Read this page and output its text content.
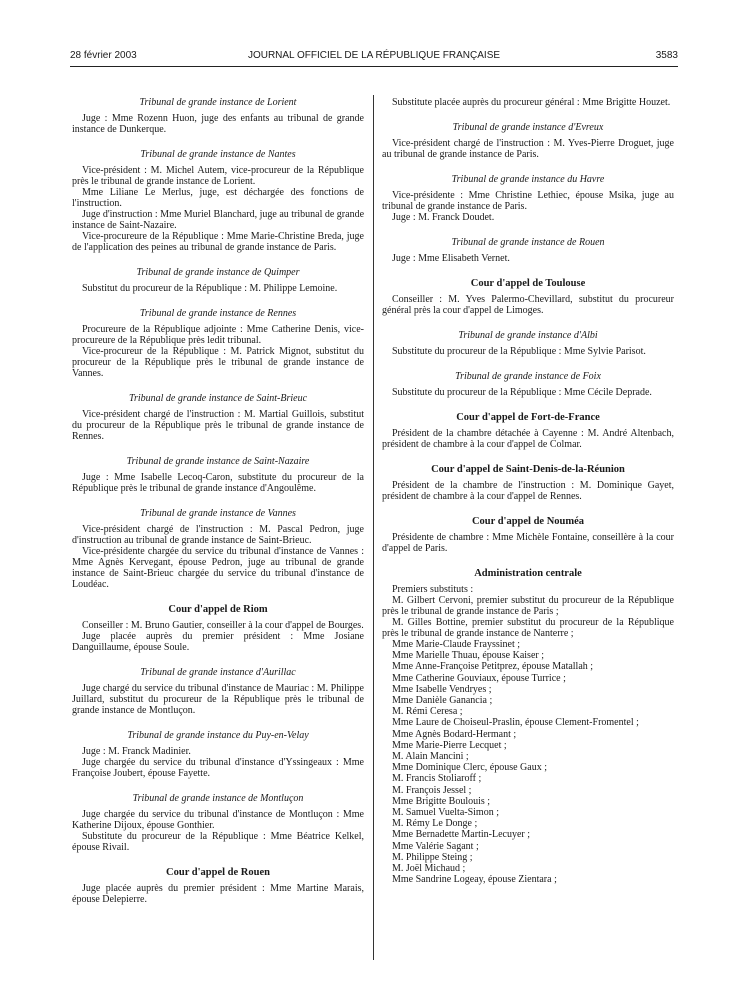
28 février 2003	JOURNAL OFFICIEL DE LA RÉPUBLIQUE FRANÇAISE	3583

Tribunal de grande instance de Lorient

Juge : Mme Rozenn Huon, juge des enfants au tribunal de grande instance de Dunkerque.

Tribunal de grande instance de Nantes

Vice-président : M. Michel Autem, vice-procureur de la République près le tribunal de grande instance de Lorient.

Mme Liliane Le Merlus, juge, est déchargée des fonctions de l'instruction.

Juge d'instruction : Mme Muriel Blanchard, juge au tribunal de grande instance de Saint-Nazaire.

Vice-procureure de la République : Mme Marie-Christine Breda, juge de l'application des peines au tribunal de grande instance de Paris.

Tribunal de grande instance de Quimper

Substitut du procureur de la République : M. Philippe Lemoine.

Tribunal de grande instance de Rennes

Procureure de la République adjointe : Mme Catherine Denis, vice-procureure de la République près ledit tribunal.

Vice-procureur de la République : M. Patrick Mignot, substitut du procureur de la République près le tribunal de grande instance de Vannes.

Tribunal de grande instance de Saint-Brieuc

Vice-président chargé de l'instruction : M. Martial Guillois, substitut du procureur de la République près le tribunal de grande instance de Rennes.

Tribunal de grande instance de Saint-Nazaire

Juge : Mme Isabelle Lecoq-Caron, substitute du procureur de la République près le tribunal de grande instance d'Angoulême.

Tribunal de grande instance de Vannes

Vice-président chargé de l'instruction : M. Pascal Pedron, juge d'instruction au tribunal de grande instance de Saint-Brieuc.

Vice-présidente chargée du service du tribunal d'instance de Vannes : Mme Agnès Kervegant, épouse Pedron, juge au tribunal de grande instance de Saint-Brieuc chargée du service du tribunal d'instance de Loudéac.

Cour d'appel de Riom

Conseiller : M. Bruno Gautier, conseiller à la cour d'appel de Bourges.

Juge placée auprès du premier président : Mme Josiane Danguillaume, épouse Soule.

Tribunal de grande instance d'Aurillac

Juge chargé du service du tribunal d'instance de Mauriac : M. Philippe Juillard, substitut du procureur de la République près le tribunal de grande instance de Montluçon.

Tribunal de grande instance du Puy-en-Velay

Juge : M. Franck Madinier.

Juge chargée du service du tribunal d'instance d'Yssingeaux : Mme Françoise Joubert, épouse Fayette.

Tribunal de grande instance de Montluçon

Juge chargée du service du tribunal d'instance de Montluçon : Mme Katherine Dijoux, épouse Gonthier.

Substitute du procureur de la République : Mme Béatrice Kelkel, épouse Rivail.

Cour d'appel de Rouen

Juge placée auprès du premier président : Mme Martine Marais, épouse Delepierre.

Substitute placée auprès du procureur général : Mme Brigitte Houzet.

Tribunal de grande instance d'Evreux

Vice-président chargé de l'instruction : M. Yves-Pierre Droguet, juge au tribunal de grande instance de Paris.

Tribunal de grande instance du Havre

Vice-présidente : Mme Christine Lethiec, épouse Msika, juge au tribunal de grande instance de Paris.

Juge : M. Franck Doudet.

Tribunal de grande instance de Rouen

Juge : Mme Elisabeth Vernet.

Cour d'appel de Toulouse

Conseiller : M. Yves Palermo-Chevillard, substitut du procureur général près la cour d'appel de Limoges.

Tribunal de grande instance d'Albi

Substitute du procureur de la République : Mme Sylvie Parisot.

Tribunal de grande instance de Foix

Substitute du procureur de la République : Mme Cécile Deprade.

Cour d'appel de Fort-de-France

Président de la chambre détachée à Cayenne : M. André Altenbach, président de chambre à la cour d'appel de Colmar.

Cour d'appel de Saint-Denis-de-la-Réunion

Président de la chambre de l'instruction : M. Dominique Gayet, président de chambre à la cour d'appel de Rennes.

Cour d'appel de Nouméa

Présidente de chambre : Mme Michèle Fontaine, conseillère à la cour d'appel de Paris.

Administration centrale

Premiers substituts :

M. Gilbert Cervoni, premier substitut du procureur de la République près le tribunal de grande instance de Paris ;

M. Gilles Bottine, premier substitut du procureur de la République près le tribunal de grande instance de Nanterre ;

Mme Marie-Claude Frayssinet ;

Mme Marielle Thuau, épouse Kaiser ;

Mme Anne-Françoise Petitprez, épouse Matallah ;

Mme Catherine Gouviaux, épouse Turrice ;

Mme Isabelle Vendryes ;

Mme Danièle Ganancia ;

M. Rémi Ceresa ;

Mme Laure de Choiseul-Praslin, épouse Clement-Fromentel ;

Mme Agnès Bodard-Hermant ;

Mme Marie-Pierre Lecquet ;

M. Alain Mancini ;

Mme Dominique Clerc, épouse Gaux ;

M. Francis Stoliaroff ;

M. François Jessel ;

Mme Brigitte Boulouis ;

M. Samuel Vuelta-Simon ;

M. Rémy Le Donge ;

Mme Bernadette Martin-Lecuyer ;

Mme Valérie Sagant ;

M. Philippe Steing ;

M. Joël Michaud ;

Mme Sandrine Logeay, épouse Zientara ;
